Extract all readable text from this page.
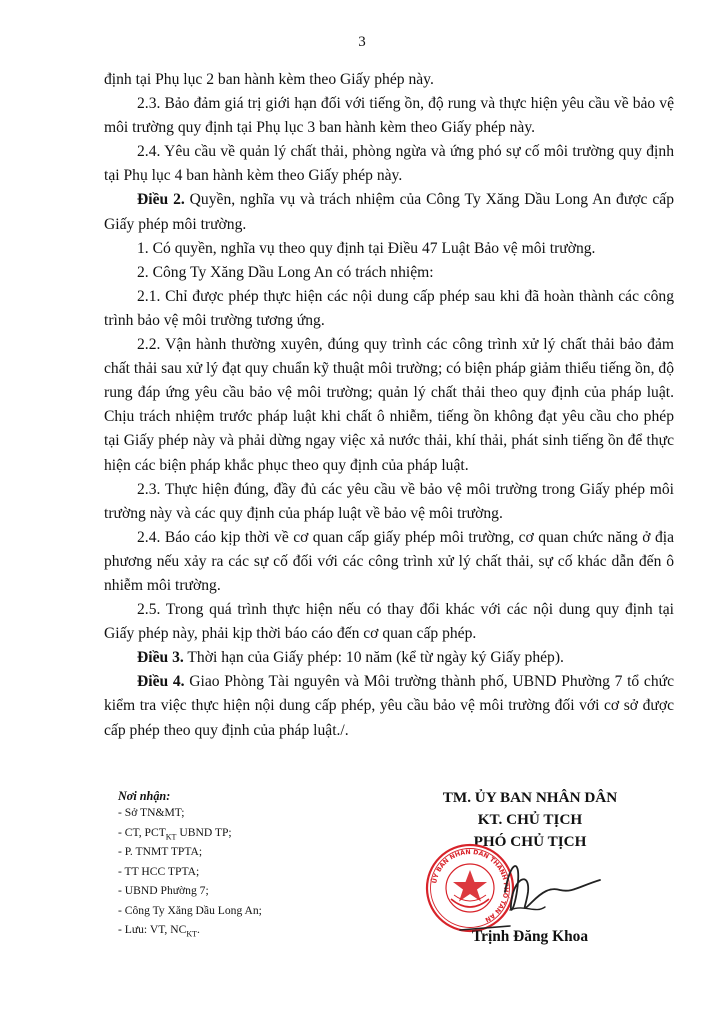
3

định tại Phụ lục 2 ban hành kèm theo Giấy phép này.

2.3. Bảo đảm giá trị giới hạn đối với tiếng ồn, độ rung và thực hiện yêu cầu về bảo vệ môi trường quy định tại Phụ lục 3 ban hành kèm theo Giấy phép này.

2.4. Yêu cầu về quản lý chất thải, phòng ngừa và ứng phó sự cố môi trường quy định tại Phụ lục 4 ban hành kèm theo Giấy phép này.

Điều 2. Quyền, nghĩa vụ và trách nhiệm của Công Ty Xăng Dầu Long An được cấp Giấy phép môi trường.

1. Có quyền, nghĩa vụ theo quy định tại Điều 47 Luật Bảo vệ môi trường.

2. Công Ty Xăng Dầu Long An có trách nhiệm:

2.1. Chỉ được phép thực hiện các nội dung cấp phép sau khi đã hoàn thành các công trình bảo vệ môi trường tương ứng.

2.2. Vận hành thường xuyên, đúng quy trình các công trình xử lý chất thải bảo đảm chất thải sau xử lý đạt quy chuẩn kỹ thuật môi trường; có biện pháp giảm thiểu tiếng ồn, độ rung đáp ứng yêu cầu bảo vệ môi trường; quản lý chất thải theo quy định của pháp luật. Chịu trách nhiệm trước pháp luật khi chất ô nhiễm, tiếng ồn không đạt yêu cầu cho phép tại Giấy phép này và phải dừng ngay việc xả nước thải, khí thải, phát sinh tiếng ồn để thực hiện các biện pháp khắc phục theo quy định của pháp luật.

2.3. Thực hiện đúng, đầy đủ các yêu cầu về bảo vệ môi trường trong Giấy phép môi trường này và các quy định của pháp luật về bảo vệ môi trường.

2.4. Báo cáo kịp thời về cơ quan cấp giấy phép môi trường, cơ quan chức năng ở địa phương nếu xảy ra các sự cố đối với các công trình xử lý chất thải, sự cố khác dẫn đến ô nhiễm môi trường.

2.5. Trong quá trình thực hiện nếu có thay đổi khác với các nội dung quy định tại Giấy phép này, phải kịp thời báo cáo đến cơ quan cấp phép.

Điều 3. Thời hạn của Giấy phép: 10 năm (kể từ ngày ký Giấy phép).

Điều 4. Giao Phòng Tài nguyên và Môi trường thành phố, UBND Phường 7 tổ chức kiểm tra việc thực hiện nội dung cấp phép, yêu cầu bảo vệ môi trường đối với cơ sở được cấp phép theo quy định của pháp luật./.

Nơi nhận:
- Sở TN&MT;
- CT, $PCT_{KT}$ UBND TP;
- P. TNMT TPTA;
- TT HCC TPTA;
- UBND Phường 7;
- Công Ty Xăng Dầu Long An;
- Lưu: VT, $NC_{KT}$.
TM. ỦY BAN NHÂN DÂN
KT. CHỦ TỊCH
PHÓ CHỦ TỊCH
ỦY BAN NHÂN DÂN THÀNH PHỐ TÂN AN
Trịnh Đăng Khoa
